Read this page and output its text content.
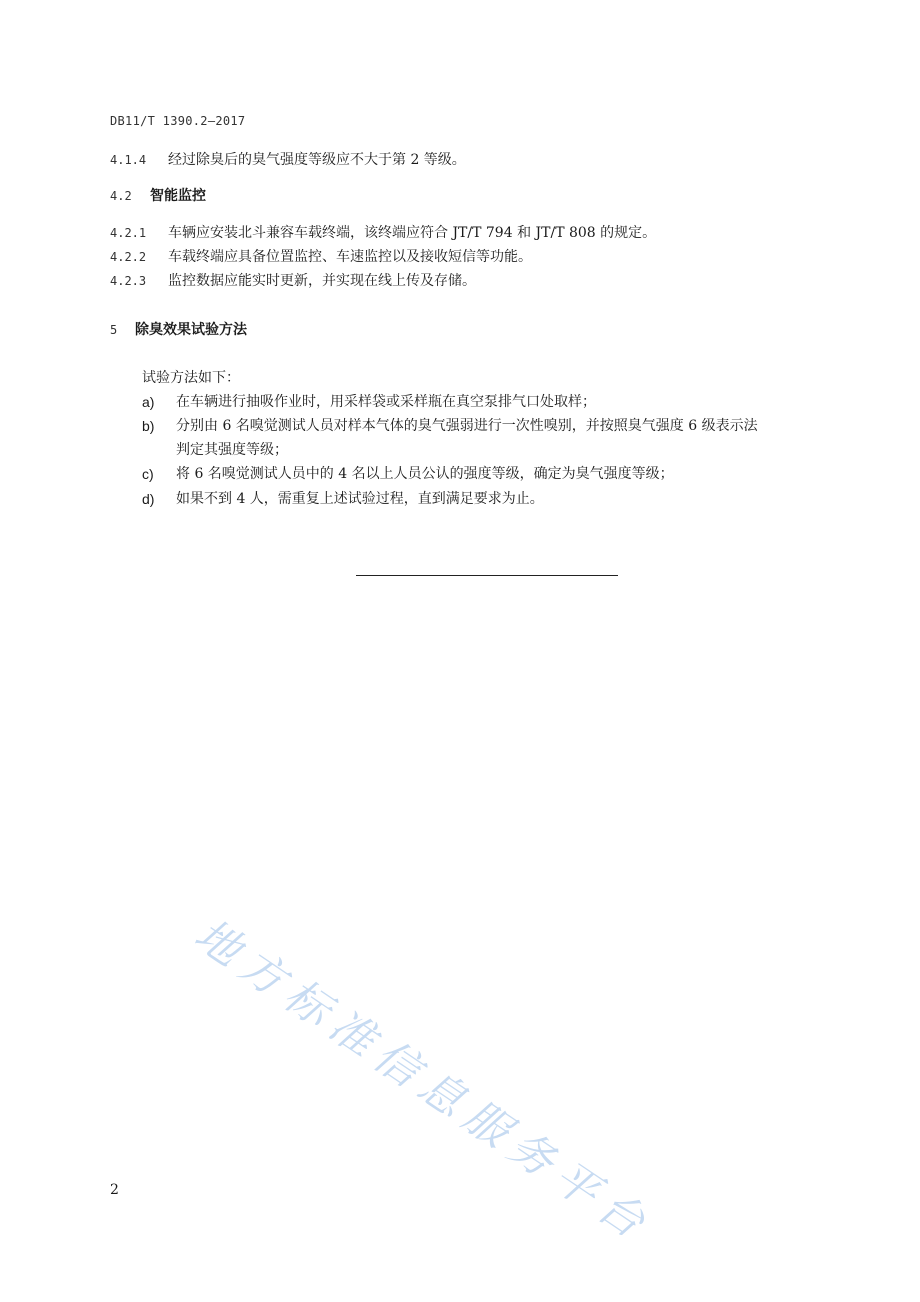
DB11/T 1390.2—2017
4.1.4 经过除臭后的臭气强度等级应不大于第 2 等级。
4.2 智能监控
4.2.1 车辆应安装北斗兼容车载终端，该终端应符合 JT/T 794 和 JT/T 808 的规定。
4.2.2 车载终端应具备位置监控、车速监控以及接收短信等功能。
4.2.3 监控数据应能实时更新，并实现在线上传及存储。
5 除臭效果试验方法
试验方法如下：
a) 在车辆进行抽吸作业时，用采样袋或采样瓶在真空泵排气口处取样；
b) 分别由 6 名嗅觉测试人员对样本气体的臭气强弱进行一次性嗅别，并按照臭气强度 6 级表示法
判定其强度等级；
c) 将 6 名嗅觉测试人员中的 4 名以上人员公认的强度等级，确定为臭气强度等级；
d) 如果不到 4 人，需重复上述试验过程，直到满足要求为止。
地方标准信息服务平台
2
